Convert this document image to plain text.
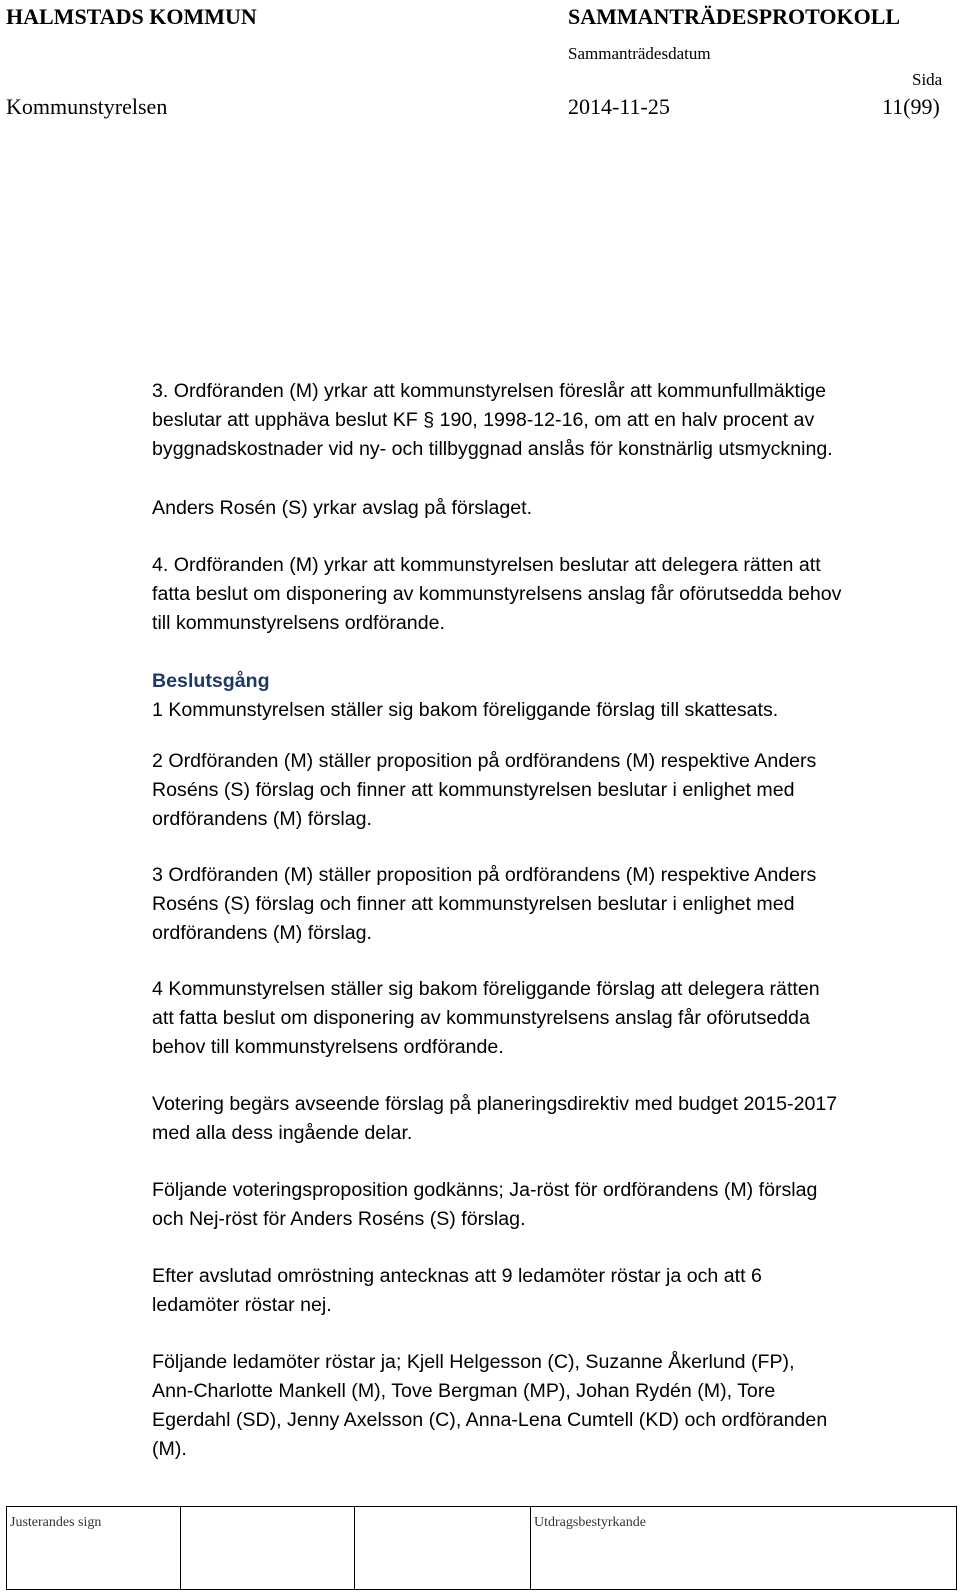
HALMSTADS KOMMUN	SAMMANTRÄDESPROTOKOLL
Sammanträdesdatum
Sida
Kommunstyrelsen	2014-11-25	11(99)
3. Ordföranden (M) yrkar att kommunstyrelsen föreslår att kommunfullmäktige
beslutar att upphäva beslut KF § 190, 1998-12-16, om att en halv procent av
byggnadskostnader vid ny- och tillbyggnad anslås för konstnärlig utsmyckning.
Anders Rosén (S) yrkar avslag på förslaget.
4. Ordföranden (M) yrkar att kommunstyrelsen beslutar att delegera rätten att
fatta beslut om disponering av kommunstyrelsens anslag får oförutsedda behov
till kommunstyrelsens ordförande.
Beslutsgång
1 Kommunstyrelsen ställer sig bakom föreliggande förslag till skattesats.
2 Ordföranden (M) ställer proposition på ordförandens (M) respektive Anders
Roséns (S) förslag och finner att kommunstyrelsen beslutar i enlighet med
ordförandens (M) förslag.
3 Ordföranden (M) ställer proposition på ordförandens (M) respektive Anders
Roséns (S) förslag och finner att kommunstyrelsen beslutar i enlighet med
ordförandens (M) förslag.
4 Kommunstyrelsen ställer sig bakom föreliggande förslag att delegera rätten
att fatta beslut om disponering av kommunstyrelsens anslag får oförutsedda
behov till kommunstyrelsens ordförande.
Votering begärs avseende förslag på planeringsdirektiv med budget 2015-2017
med alla dess ingående delar.
Följande voteringsproposition godkänns; Ja-röst för ordförandens (M) förslag
och Nej-röst för Anders Roséns (S) förslag.
Efter avslutad omröstning antecknas att 9 ledamöter röstar ja och att 6
ledamöter röstar nej.
Följande ledamöter röstar ja; Kjell Helgesson (C), Suzanne Åkerlund (FP),
Ann-Charlotte Mankell (M), Tove Bergman (MP), Johan Rydén (M), Tore
Egerdahl (SD), Jenny Axelsson (C), Anna-Lena Cumtell (KD) och ordföranden
(M).
Justerandes sign			Utdragsbestyrkande
